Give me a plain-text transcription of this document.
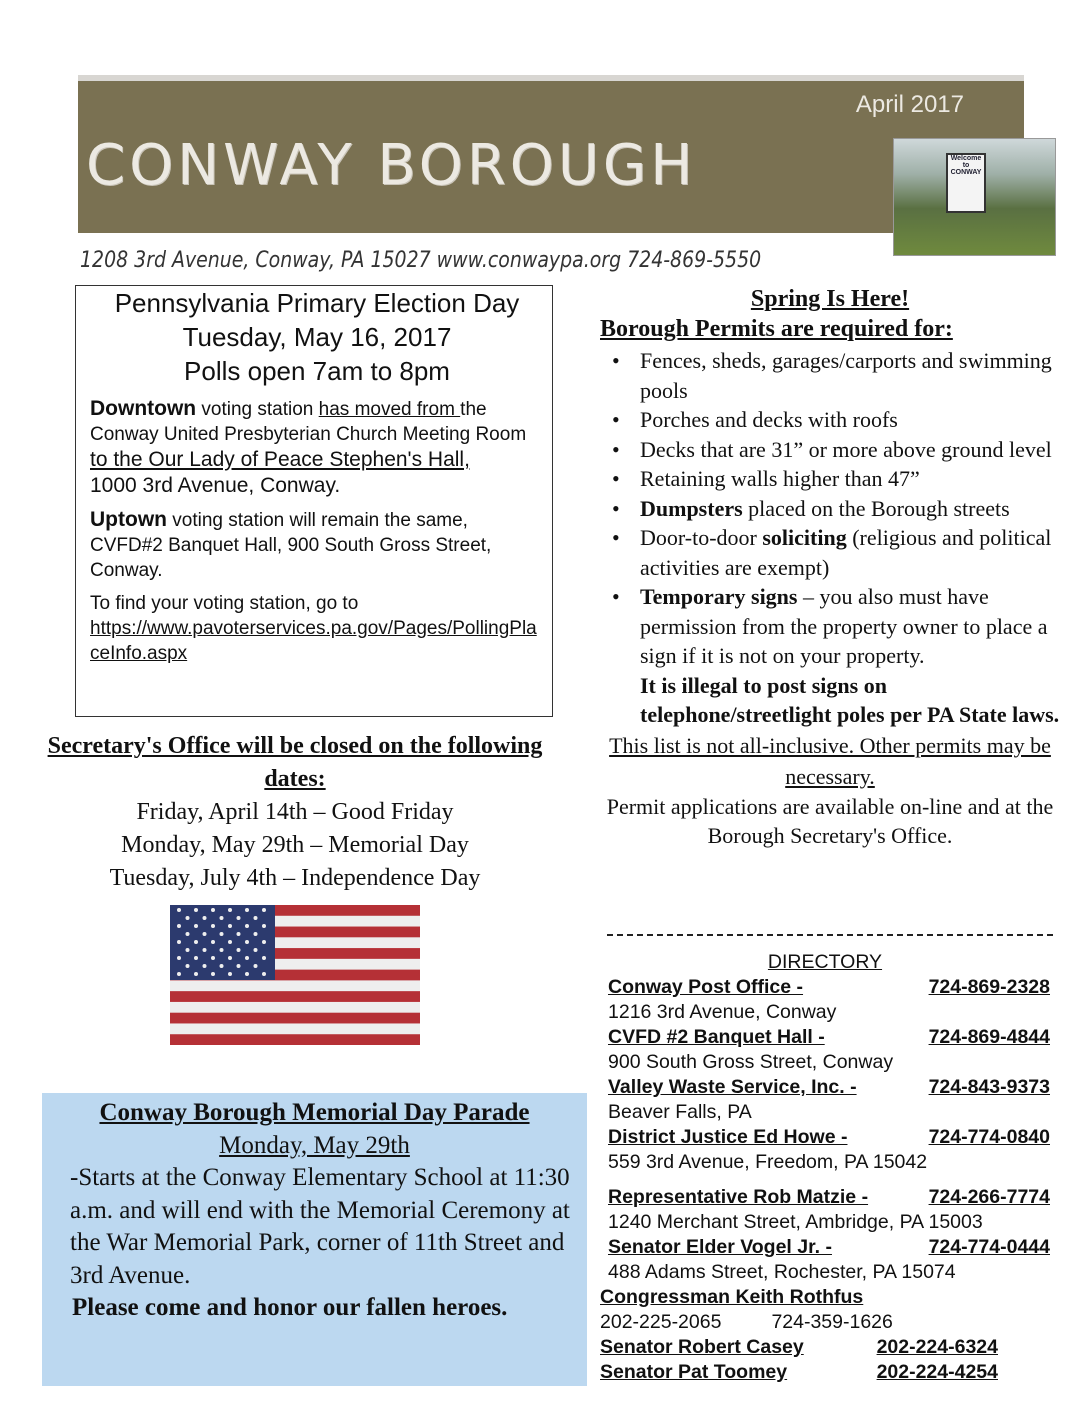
CONWAY BOROUGH
April 2017
Welcome to CONWAY
1208 3rd Avenue, Conway, PA 15027 www.conwaypa.org 724-869-5550
Pennsylvania Primary Election Day
Tuesday, May 16, 2017
Polls open 7am to 8pm

Downtown voting station has moved from the Conway United Presbyterian Church Meeting Room
to the Our Lady of Peace Stephen's Hall,
1000 3rd Avenue, Conway.

Uptown voting station will remain the same, CVFD#2 Banquet Hall, 900 South Gross Street, Conway.

To find your voting station, go to
https://www.pavoterservices.pa.gov/Pages/PollingPlaceInfo.aspx

Secretary's Office will be closed on the following dates:
Friday, April 14th – Good Friday
Monday, May 29th – Memorial Day
Tuesday, July 4th – Independence Day
Conway Borough Memorial Day Parade
Monday, May 29th
-Starts at the Conway Elementary School at 11:30 a.m. and will end with the Memorial Ceremony at the War Memorial Park, corner of 11th Street and 3rd Avenue.
Please come and honor our fallen heroes.
Spring Is Here!
Borough Permits are required for:
• Fences, sheds, garages/carports and swimming pools
• Porches and decks with roofs
• Decks that are 31” or more above ground level
• Retaining walls higher than 47”
• Dumpsters placed on the Borough streets
• Door-to-door soliciting (religious and political activities are exempt)
• Temporary signs – you also must have permission from the property owner to place a sign if it is not on your property.
It is illegal to post signs on telephone/streetlight poles per PA State laws.
This list is not all-inclusive. Other permits may be necessary.
Permit applications are available on-line and at the Borough Secretary's Office.
DIRECTORY
Conway Post Office -	724-869-2328
1216 3rd Avenue, Conway
CVFD #2 Banquet Hall -	724-869-4844
900 South Gross Street, Conway
Valley Waste Service, Inc. -	724-843-9373
Beaver Falls, PA
District Justice Ed Howe -	724-774-0840
559 3rd Avenue, Freedom, PA 15042
Representative Rob Matzie -	724-266-7774
1240 Merchant Street, Ambridge, PA 15003
Senator Elder Vogel Jr. -	724-774-0444
488 Adams Street, Rochester, PA 15074
Congressman Keith Rothfus
202-225-2065	724-359-1626
Senator Robert Casey	202-224-6324
Senator Pat Toomey	202-224-4254
